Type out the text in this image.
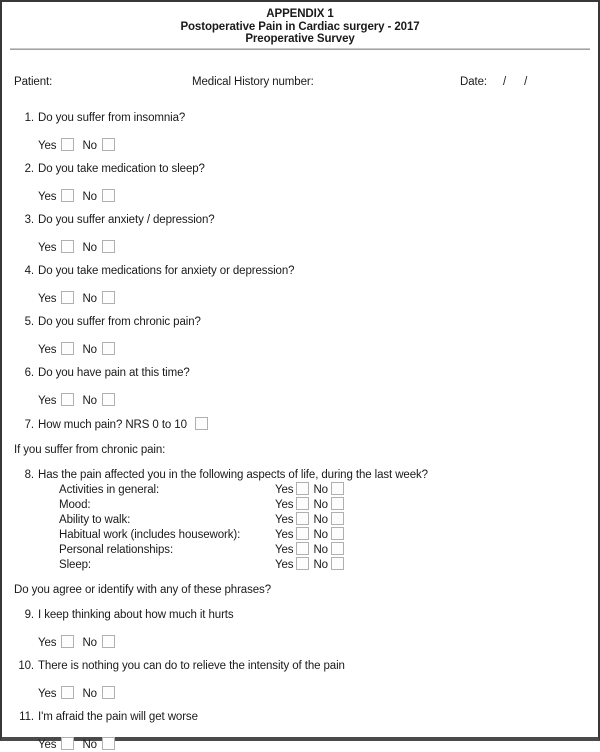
APPENDIX 1
Postoperative Pain in Cardiac surgery - 2017
Preoperative Survey
Patient:	Medical History number:	Date: / /
1. Do you suffer from insomnia?
Yes No
2. Do you take medication to sleep?
Yes No
3. Do you suffer anxiety / depression?
Yes No
4. Do you take medications for anxiety or depression?
Yes No
5. Do you suffer from chronic pain?
Yes No
6. Do you have pain at this time?
Yes No
7. How much pain? NRS 0 to 10
If you suffer from chronic pain:
8. Has the pain affected you in the following aspects of life, during the last week?
Activities in general:	Yes No
Mood:	Yes No
Ability to walk:	Yes No
Habitual work (includes housework):	Yes No
Personal relationships:	Yes No
Sleep:	Yes No
Do you agree or identify with any of these phrases?
9. I keep thinking about how much it hurts
Yes No
10. There is nothing you can do to relieve the intensity of the pain
Yes No
11. I'm afraid the pain will get worse
Yes No
